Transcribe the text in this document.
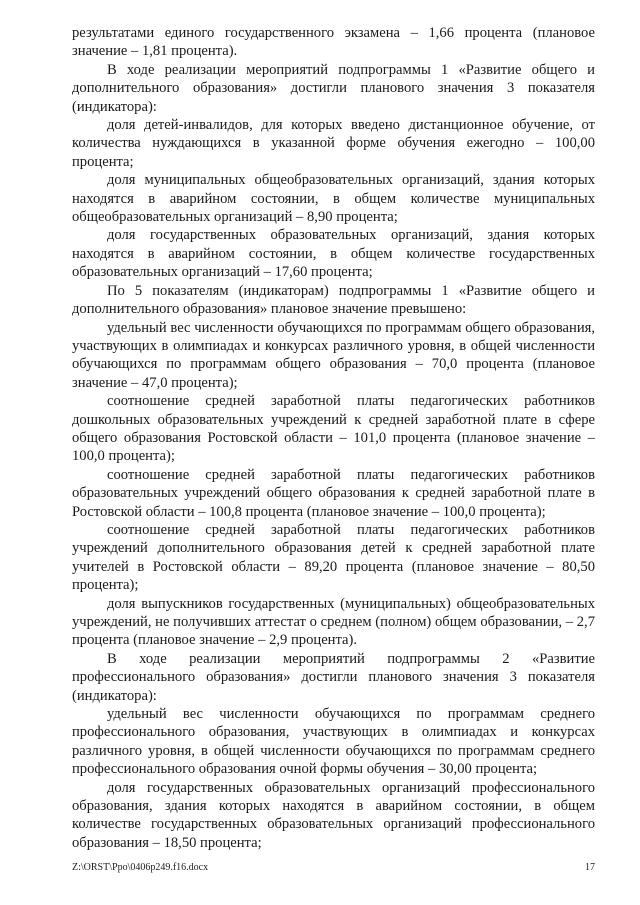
результатами единого государственного экзамена – 1,66 процента (плановое значение – 1,81 процента).

В ходе реализации мероприятий подпрограммы 1 «Развитие общего и дополнительного образования» достигли планового значения 3 показателя (индикатора):

доля детей-инвалидов, для которых введено дистанционное обучение, от количества нуждающихся в указанной форме обучения ежегодно – 100,00 процента;

доля муниципальных общеобразовательных организаций, здания которых находятся в аварийном состоянии, в общем количестве муниципальных общеобразовательных организаций – 8,90 процента;

доля государственных образовательных организаций, здания которых находятся в аварийном состоянии, в общем количестве государственных образовательных организаций – 17,60 процента;

По 5 показателям (индикаторам) подпрограммы 1 «Развитие общего и дополнительного образования» плановое значение превышено:

удельный вес численности обучающихся по программам общего образования, участвующих в олимпиадах и конкурсах различного уровня, в общей численности обучающихся по программам общего образования – 70,0 процента (плановое значение – 47,0 процента);

соотношение средней заработной платы педагогических работников дошкольных образовательных учреждений к средней заработной плате в сфере общего образования Ростовской области – 101,0 процента (плановое значение – 100,0 процента);

соотношение средней заработной платы педагогических работников образовательных учреждений общего образования к средней заработной плате в Ростовской области – 100,8 процента (плановое значение – 100,0 процента);

соотношение средней заработной платы педагогических работников учреждений дополнительного образования детей к средней заработной плате учителей в Ростовской области – 89,20 процента (плановое значение – 80,50 процента);

доля выпускников государственных (муниципальных) общеобразовательных учреждений, не получивших аттестат о среднем (полном) общем образовании, – 2,7 процента (плановое значение – 2,9 процента).

В ходе реализации мероприятий подпрограммы 2 «Развитие профессионального образования» достигли планового значения 3 показателя (индикатора):

удельный вес численности обучающихся по программам среднего профессионального образования, участвующих в олимпиадах и конкурсах различного уровня, в общей численности обучающихся по программам среднего профессионального образования очной формы обучения – 30,00 процента;

доля государственных образовательных организаций профессионального образования, здания которых находятся в аварийном состоянии, в общем количестве государственных образовательных организаций профессионального образования – 18,50 процента;

Z:\ORST\Ppo\0406p249.f16.docx	17
